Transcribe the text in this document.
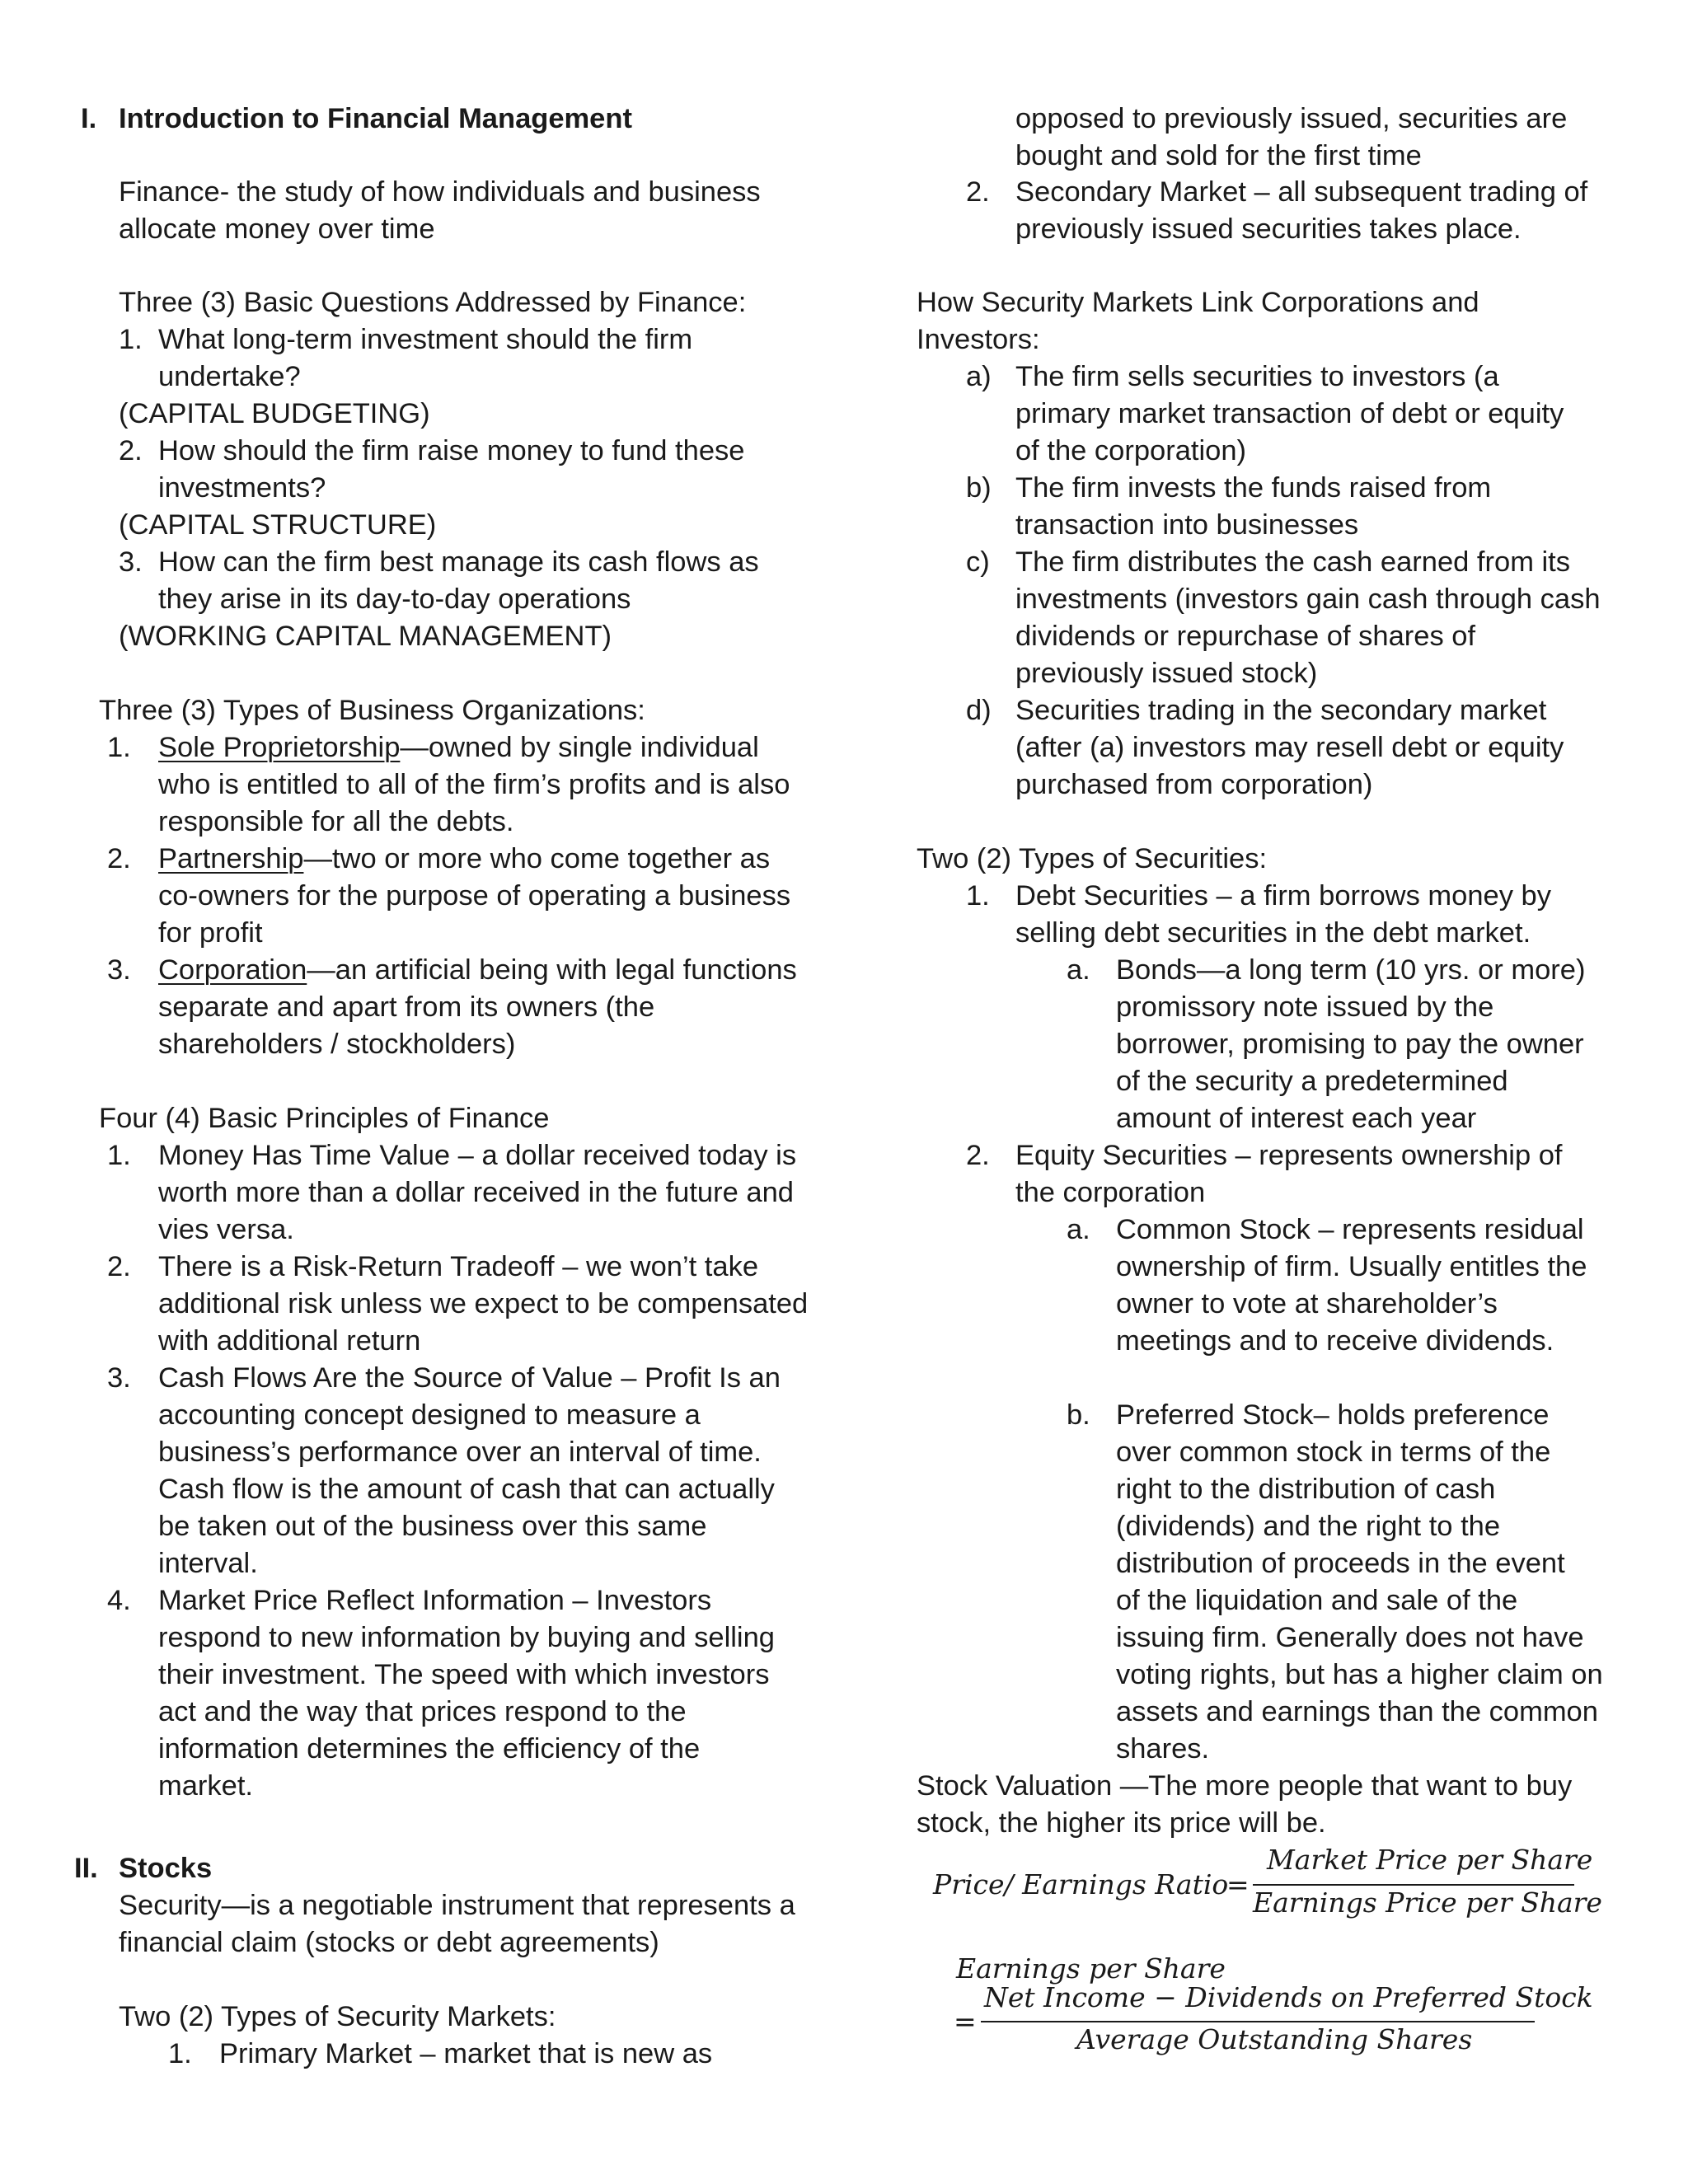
I. Introduction to Financial Management
Finance- the study of how individuals and business
allocate money over time
Three (3) Basic Questions Addressed by Finance:
1. What long-term investment should the firm
undertake?
(CAPITAL BUDGETING)
2. How should the firm raise money to fund these
investments?
(CAPITAL STRUCTURE)
3. How can the firm best manage its cash flows as
they arise in its day-to-day operations
(WORKING CAPITAL MANAGEMENT)
Three (3) Types of Business Organizations:
1. Sole Proprietorship—owned by single individual
who is entitled to all of the firm’s profits and is also
responsible for all the debts.
2. Partnership—two or more who come together as
co-owners for the purpose of operating a business
for profit
3. Corporation—an artificial being with legal functions
separate and apart from its owners (the
shareholders / stockholders)
Four (4) Basic Principles of Finance
1. Money Has Time Value – a dollar received today is
worth more than a dollar received in the future and
vies versa.
2. There is a Risk-Return Tradeoff – we won’t take
additional risk unless we expect to be compensated
with additional return
3. Cash Flows Are the Source of Value – Profit Is an
accounting concept designed to measure a
business’s performance over an interval of time.
Cash flow is the amount of cash that can actually
be taken out of the business over this same
interval.
4. Market Price Reflect Information – Investors
respond to new information by buying and selling
their investment. The speed with which investors
act and the way that prices respond to the
information determines the efficiency of the
market.
II. Stocks
Security—is a negotiable instrument that represents a
financial claim (stocks or debt agreements)
Two (2) Types of Security Markets:
1. Primary Market – market that is new as
opposed to previously issued, securities are
bought and sold for the first time
2. Secondary Market – all subsequent trading of
previously issued securities takes place.
How Security Markets Link Corporations and
Investors:
a) The firm sells securities to investors (a
primary market transaction of debt or equity
of the corporation)
b) The firm invests the funds raised from
transaction into businesses
c) The firm distributes the cash earned from its
investments (investors gain cash through cash
dividends or repurchase of shares of
previously issued stock)
d) Securities trading in the secondary market
(after (a) investors may resell debt or equity
purchased from corporation)
Two (2) Types of Securities:
1. Debt Securities – a firm borrows money by
selling debt securities in the debt market.
a. Bonds—a long term (10 yrs. or more)
promissory note issued by the
borrower, promising to pay the owner
of the security a predetermined
amount of interest each year
2. Equity Securities – represents ownership of
the corporation
a. Common Stock – represents residual
ownership of firm. Usually entitles the
owner to vote at shareholder’s
meetings and to receive dividends.
b. Preferred Stock– holds preference
over common stock in terms of the
right to the distribution of cash
(dividends) and the right to the
distribution of proceeds in the event
of the liquidation and sale of the
issuing firm. Generally does not have
voting rights, but has a higher claim on
assets and earnings than the common
shares.
Stock Valuation —The more people that want to buy
stock, the higher its price will be.
Price/ Earnings Ratio
=
Market Price per Share
Earnings Price per Share
Earnings per Share
=
Net Income − Dividends on Preferred Stock
Average Outstanding Shares
